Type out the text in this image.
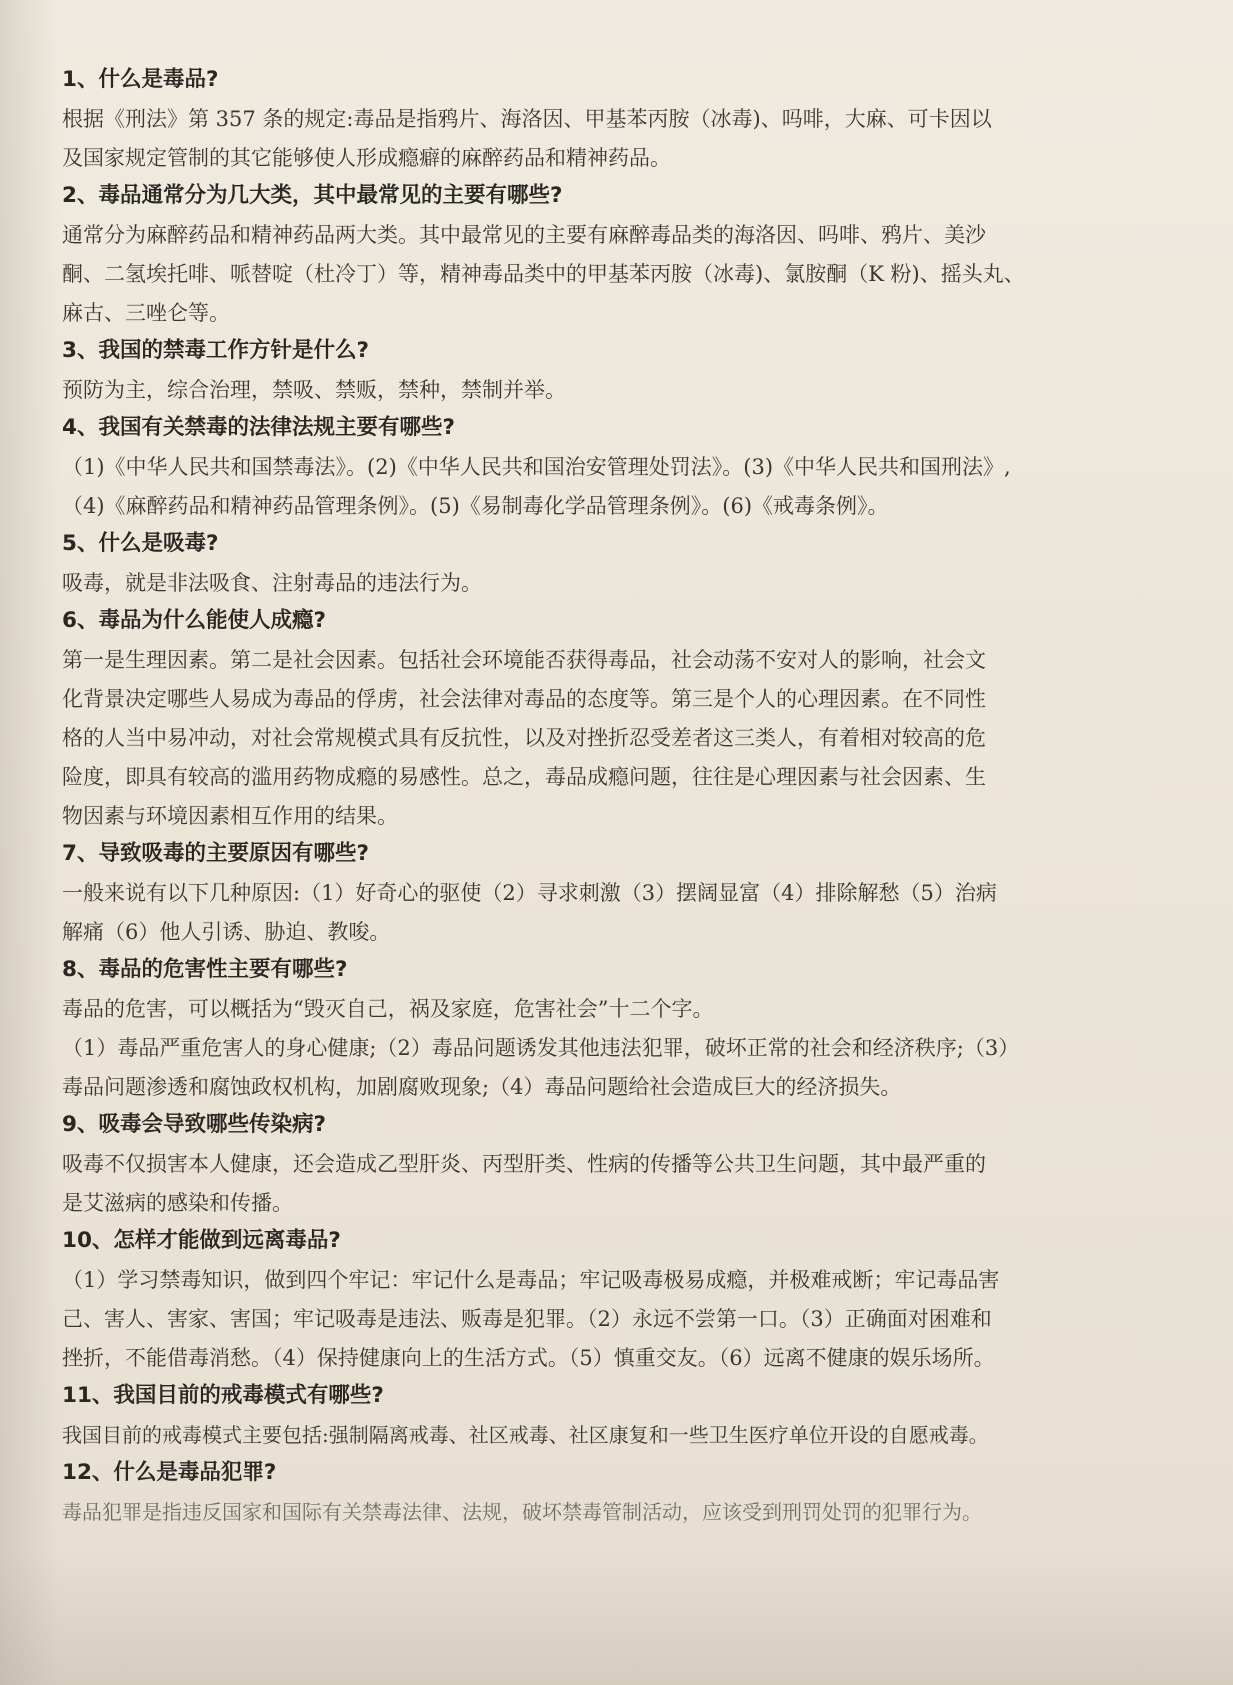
1、什么是毒品?
根据《刑法》第 357 条的规定:毒品是指鸦片、海洛因、甲基苯丙胺（冰毒)、吗啡，大麻、可卡因以
及国家规定管制的其它能够使人形成瘾癖的麻醉药品和精神药品。
2、毒品通常分为几大类，其中最常见的主要有哪些?
通常分为麻醉药品和精神药品两大类。其中最常见的主要有麻醉毒品类的海洛因、吗啡、鸦片、美沙
酮、二氢埃托啡、哌替啶（杜冷丁）等，精神毒品类中的甲基苯丙胺（冰毒)、氯胺酮（K 粉)、摇头丸、
麻古、三唑仑等。
3、我国的禁毒工作方针是什么?
预防为主，综合治理，禁吸、禁贩，禁种，禁制并举。
4、我国有关禁毒的法律法规主要有哪些?
（1)《中华人民共和国禁毒法》。(2)《中华人民共和国治安管理处罚法》。(3)《中华人民共和国刑法》,
（4)《麻醉药品和精神药品管理条例》。(5)《易制毒化学品管理条例》。(6)《戒毒条例》。
5、什么是吸毒?
吸毒，就是非法吸食、注射毒品的违法行为。
6、毒品为什么能使人成瘾?
第一是生理因素。第二是社会因素。包括社会环境能否获得毒品，社会动荡不安对人的影响，社会文
化背景决定哪些人易成为毒品的俘虏，社会法律对毒品的态度等。第三是个人的心理因素。在不同性
格的人当中易冲动，对社会常规模式具有反抗性，以及对挫折忍受差者这三类人，有着相对较高的危
险度，即具有较高的滥用药物成瘾的易感性。总之，毒品成瘾问题，往往是心理因素与社会因素、生
物因素与环境因素相互作用的结果。
7、导致吸毒的主要原因有哪些?
一般来说有以下几种原因:（1）好奇心的驱使（2）寻求刺激（3）摆阔显富（4）排除解愁（5）治病
解痛（6）他人引诱、胁迫、教唆。
8、毒品的危害性主要有哪些?
毒品的危害，可以概括为“毁灭自己，祸及家庭，危害社会”十二个字。
（1）毒品严重危害人的身心健康;（2）毒品问题诱发其他违法犯罪，破坏正常的社会和经济秩序;（3）
毒品问题渗透和腐蚀政权机构，加剧腐败现象;（4）毒品问题给社会造成巨大的经济损失。
9、吸毒会导致哪些传染病?
吸毒不仅损害本人健康，还会造成乙型肝炎、丙型肝类、性病的传播等公共卫生问题，其中最严重的
是艾滋病的感染和传播。
10、怎样才能做到远离毒品?
（1）学习禁毒知识，做到四个牢记：牢记什么是毒品；牢记吸毒极易成瘾，并极难戒断；牢记毒品害
己、害人、害家、害国；牢记吸毒是违法、贩毒是犯罪。（2）永远不尝第一口。（3）正确面对困难和
挫折，不能借毒消愁。（4）保持健康向上的生活方式。（5）慎重交友。（6）远离不健康的娱乐场所。
11、我国目前的戒毒模式有哪些?
我国目前的戒毒模式主要包括:强制隔离戒毒、社区戒毒、社区康复和一些卫生医疗单位开设的自愿戒毒。
12、什么是毒品犯罪?
毒品犯罪是指违反国家和国际有关禁毒法律、法规，破坏禁毒管制活动，应该受到刑罚处罚的犯罪行为。
